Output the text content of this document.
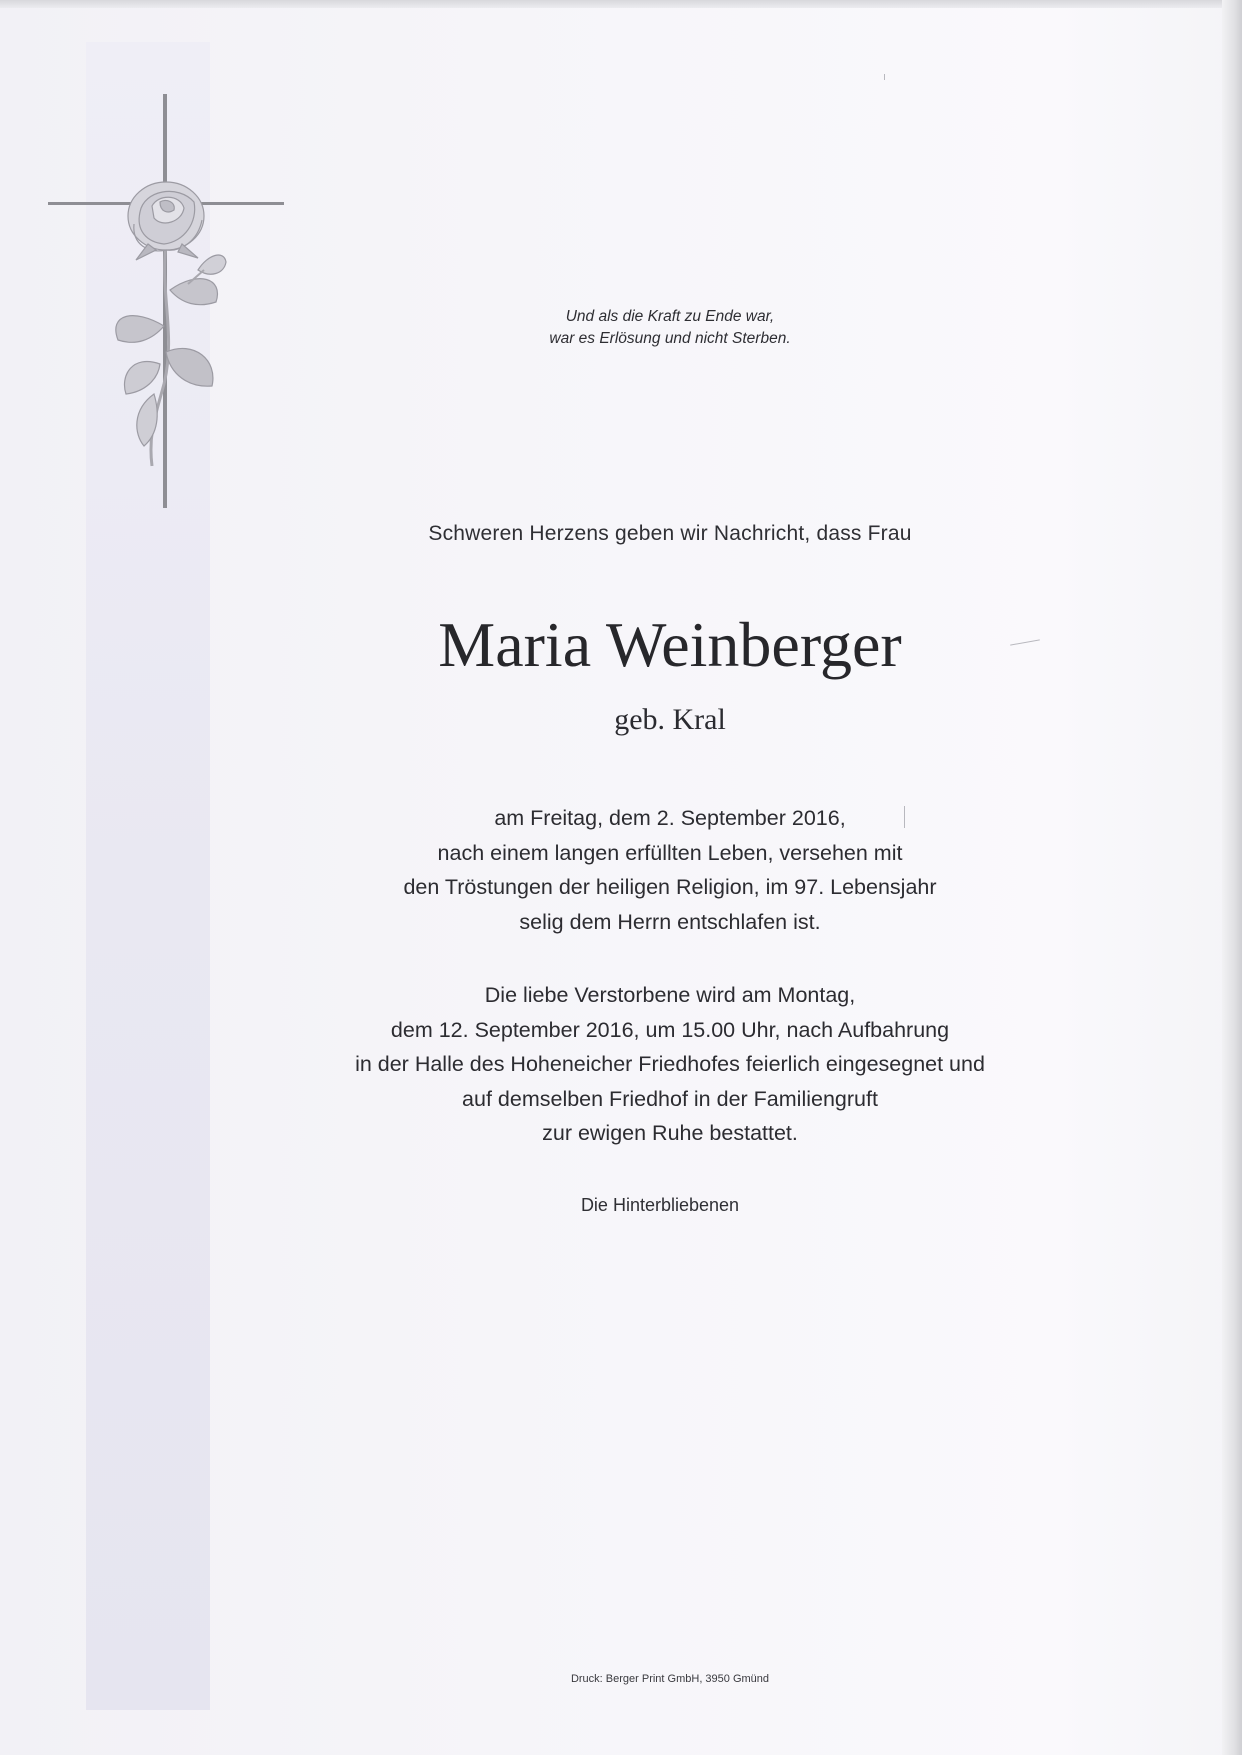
Und als die Kraft zu Ende war,
war es Erlösung und nicht Sterben.
Schweren Herzens geben wir Nachricht, dass Frau
Maria Weinberger
geb. Kral
am Freitag, dem 2. September 2016,
nach einem langen erfüllten Leben, versehen mit
den Tröstungen der heiligen Religion, im 97. Lebensjahr
selig dem Herrn entschlafen ist.
Die liebe Verstorbene wird am Montag,
dem 12. September 2016, um 15.00 Uhr, nach Aufbahrung
in der Halle des Hoheneicher Friedhofes feierlich eingesegnet und
auf demselben Friedhof in der Familiengruft
zur ewigen Ruhe bestattet.
Die Hinterbliebenen
Druck: Berger Print GmbH, 3950 Gmünd
